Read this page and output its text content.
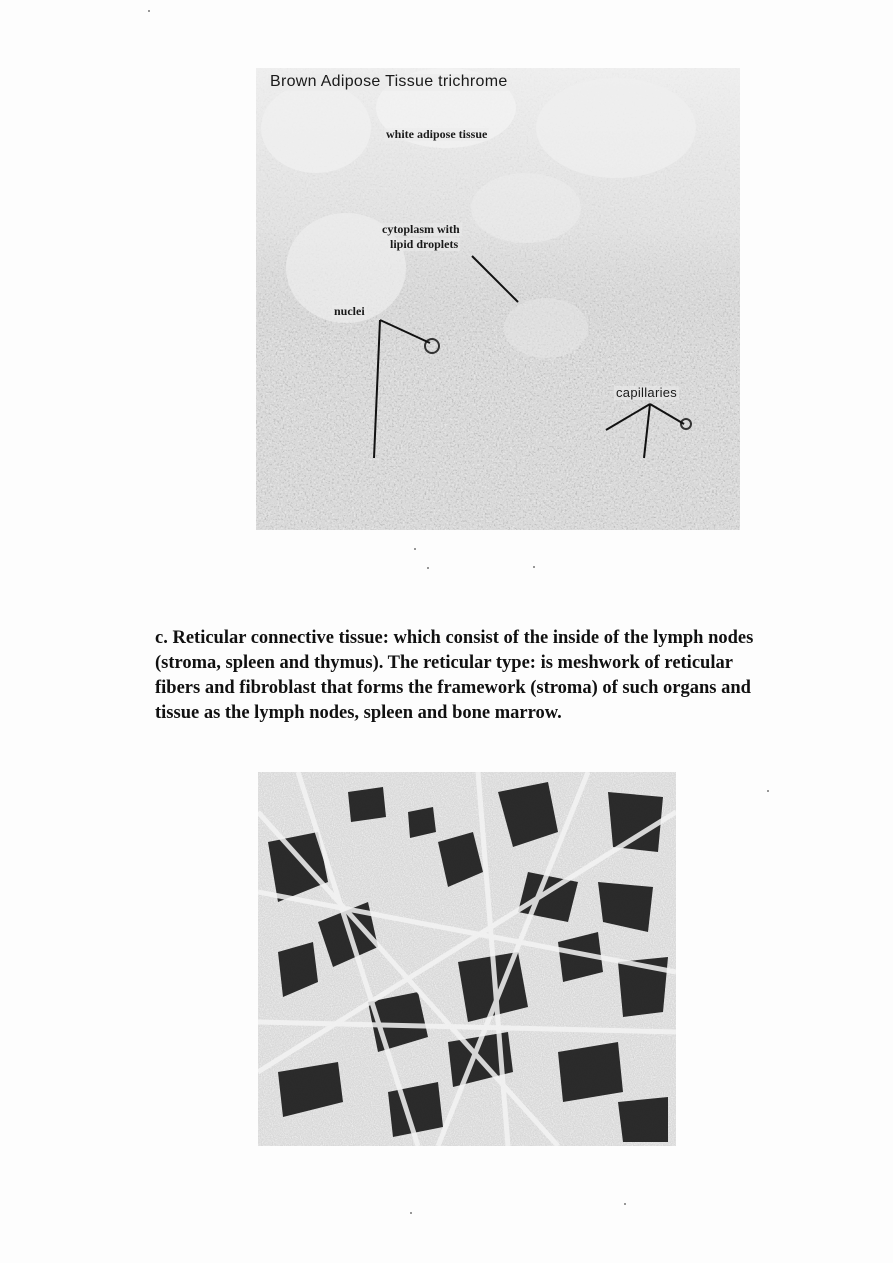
Brown Adipose Tissue trichrome
white adipose tissue
cytoplasm with
lipid droplets
nuclei
capillaries

c. Reticular connective tissue: which consist of the inside of the lymph nodes (stroma, spleen and thymus). The reticular type: is meshwork of reticular fibers and fibroblast that forms the framework (stroma) of such organs and tissue as the lymph nodes, spleen and bone marrow.
